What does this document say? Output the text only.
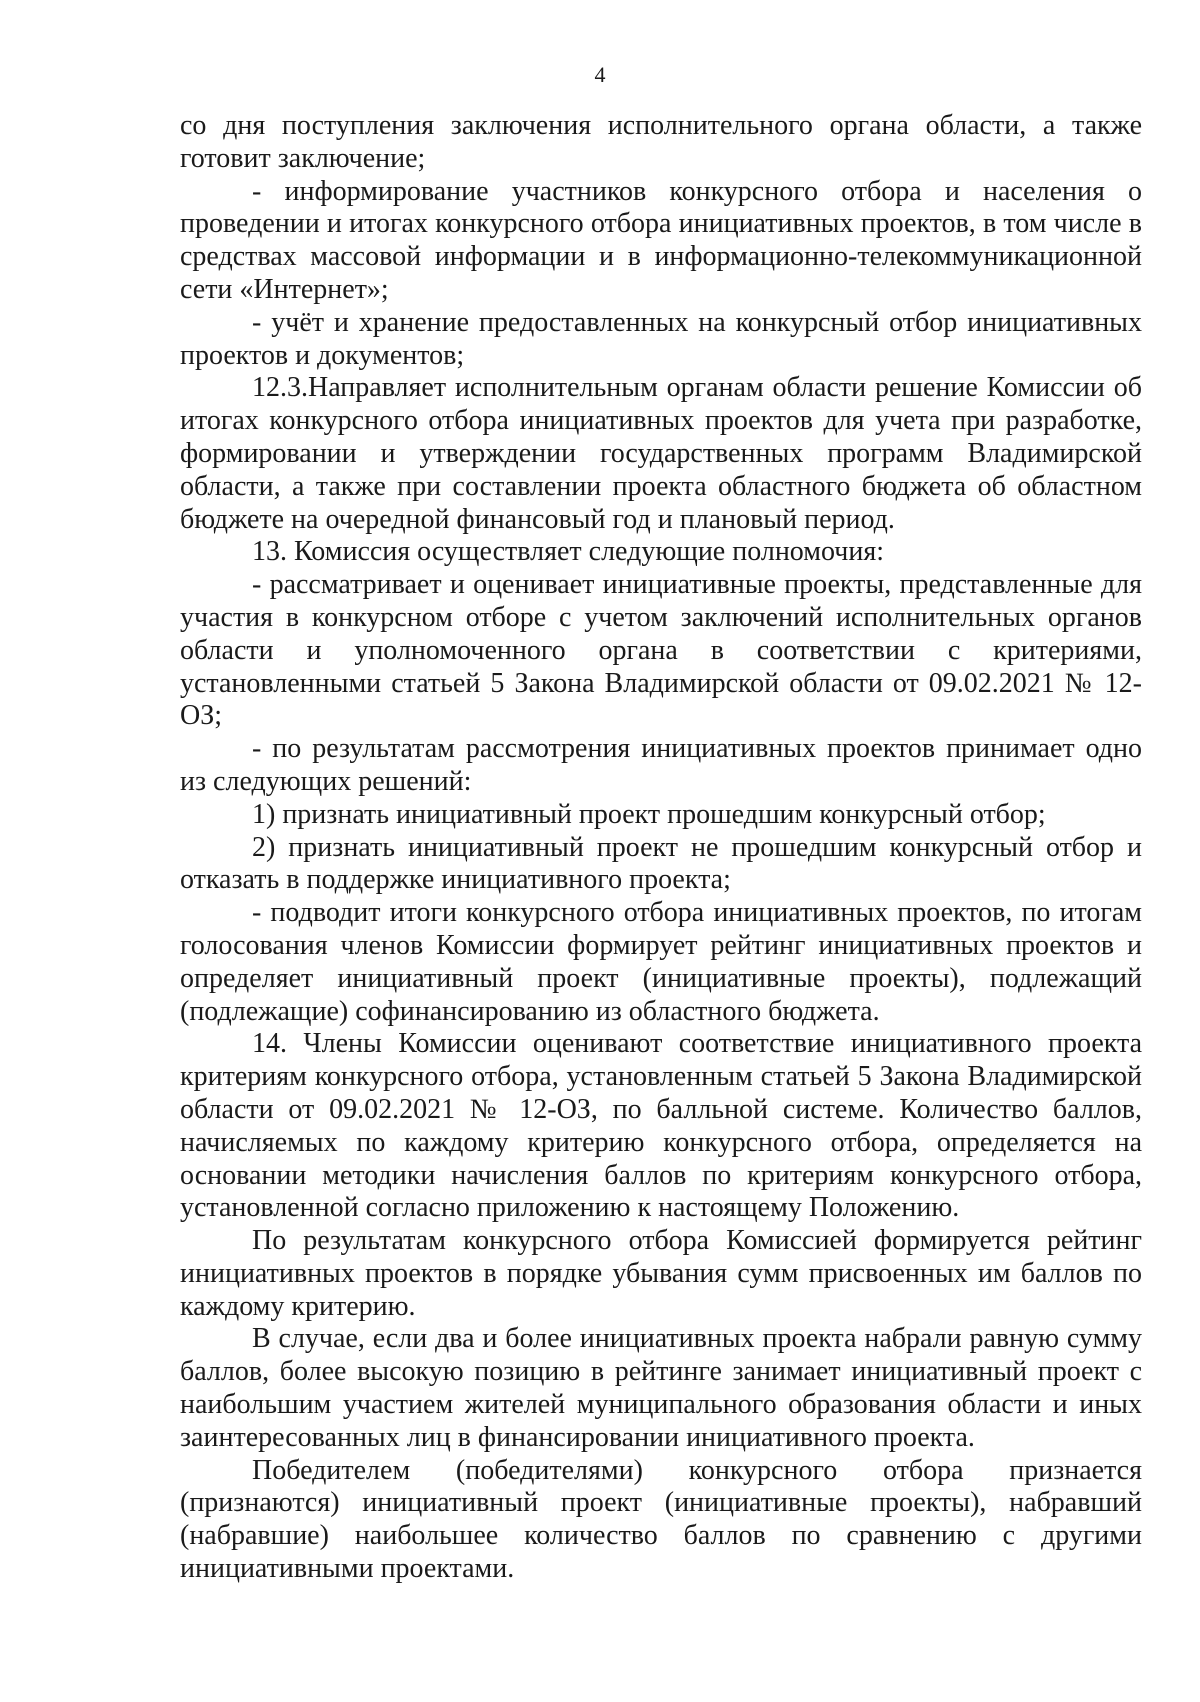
4

со дня поступления заключения исполнительного органа области, а также готовит заключение;

- информирование участников конкурсного отбора и населения о проведении и итогах конкурсного отбора инициативных проектов, в том числе в средствах массовой информации и в информационно-телекоммуникационной сети «Интернет»;

- учёт и хранение предоставленных на конкурсный отбор инициативных проектов и документов;

12.3.Направляет исполнительным органам области решение Комиссии об итогах конкурсного отбора инициативных проектов для учета при разработке, формировании и утверждении государственных программ Владимирской области, а также при составлении проекта областного бюджета об областном бюджете на очередной финансовый год и плановый период.

13. Комиссия осуществляет следующие полномочия:

- рассматривает и оценивает инициативные проекты, представленные для участия в конкурсном отборе с учетом заключений исполнительных органов области и уполномоченного органа в соответствии с критериями, установленными статьей 5 Закона Владимирской области от 09.02.2021 № 12-ОЗ;

- по результатам рассмотрения инициативных проектов принимает одно из следующих решений:

1) признать инициативный проект прошедшим конкурсный отбор;

2) признать инициативный проект не прошедшим конкурсный отбор и отказать в поддержке инициативного проекта;

- подводит итоги конкурсного отбора инициативных проектов, по итогам голосования членов Комиссии формирует рейтинг инициативных проектов и определяет инициативный проект (инициативные проекты), подлежащий (подлежащие) софинансированию из областного бюджета.

14. Члены Комиссии оценивают соответствие инициативного проекта критериям конкурсного отбора, установленным статьей 5 Закона Владимирской области от 09.02.2021 № 12-ОЗ, по балльной системе. Количество баллов, начисляемых по каждому критерию конкурсного отбора, определяется на основании методики начисления баллов по критериям конкурсного отбора, установленной согласно приложению к настоящему Положению.

По результатам конкурсного отбора Комиссией формируется рейтинг инициативных проектов в порядке убывания сумм присвоенных им баллов по каждому критерию.

В случае, если два и более инициативных проекта набрали равную сумму баллов, более высокую позицию в рейтинге занимает инициативный проект с наибольшим участием жителей муниципального образования области и иных заинтересованных лиц в финансировании инициативного проекта.

Победителем (победителями) конкурсного отбора признается (признаются) инициативный проект (инициативные проекты), набравший (набравшие) наибольшее количество баллов по сравнению с другими инициативными проектами.
